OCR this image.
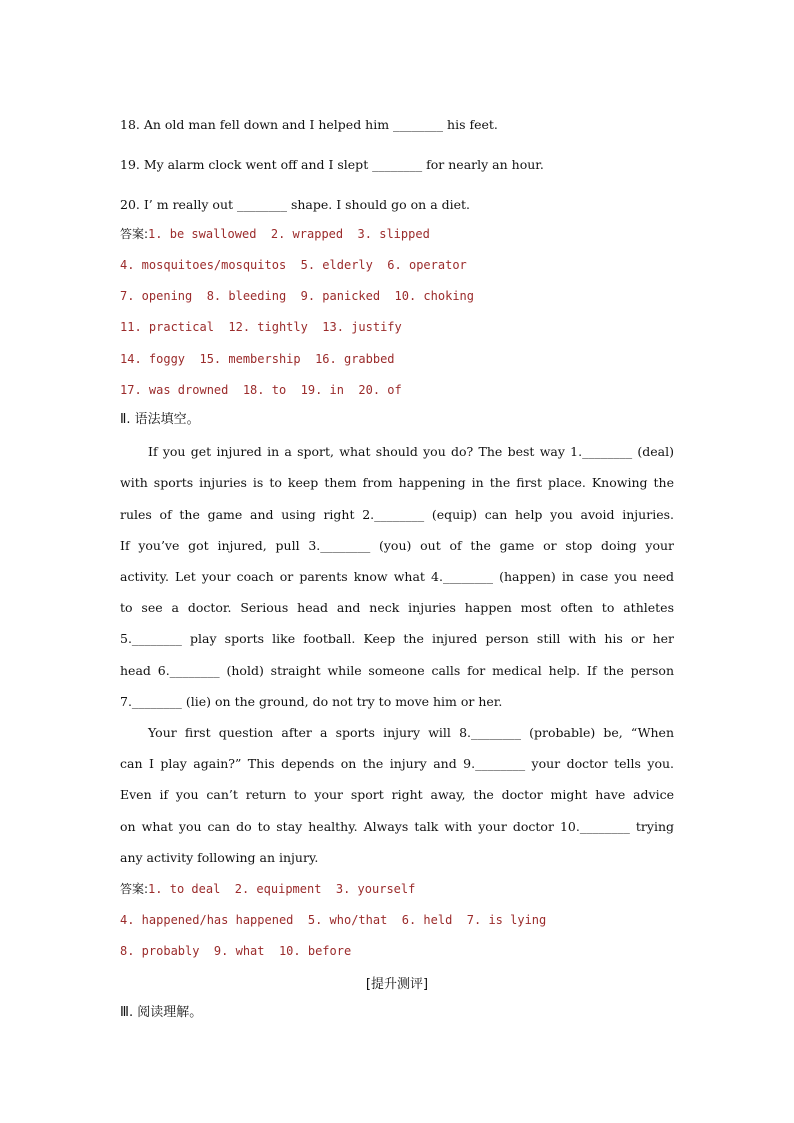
18. An old man fell down and I helped him ________ his feet.
19. My alarm clock went off and I slept ________ for nearly an hour.
20. I’ m really out ________ shape. I should go on a diet.
答案:1. be swallowed  2. wrapped  3. slipped
4. mosquitoes/mosquitos  5. elderly  6. operator
7. opening  8. bleeding  9. panicked  10. choking
11. practical  12. tightly  13. justify
14. foggy  15. membership  16. grabbed
17. was drowned  18. to  19. in  20. of
Ⅱ. 语法填空。
If you get injured in a sport, what should you do? The best way 1.________ (deal)
with sports injuries is to keep them from happening in the first place. Knowing the
rules of the game and using right 2.________ (equip) can help you avoid injuries.
If you’ve got injured, pull 3.________ (you) out of the game or stop doing your
activity. Let your coach or parents know what 4.________ (happen) in case you need
to see a doctor. Serious head and neck injuries happen most often to athletes
5.________ play sports like football. Keep the injured person still with his or her
head 6.________ (hold) straight while someone calls for medical help. If the person
7.________ (lie) on the ground, do not try to move him or her.
Your first question after a sports injury will 8.________ (probable) be, “When
can I play again?” This depends on the injury and 9.________ your doctor tells you.
Even if you can’t return to your sport right away, the doctor might have advice
on what you can do to stay healthy. Always talk with your doctor 10.________ trying
any activity following an injury.
答案:1. to deal  2. equipment  3. yourself
4. happened/has happened  5. who/that  6. held  7. is lying
8. probably  9. what  10. before
[提升测评]
Ⅲ. 阅读理解。
